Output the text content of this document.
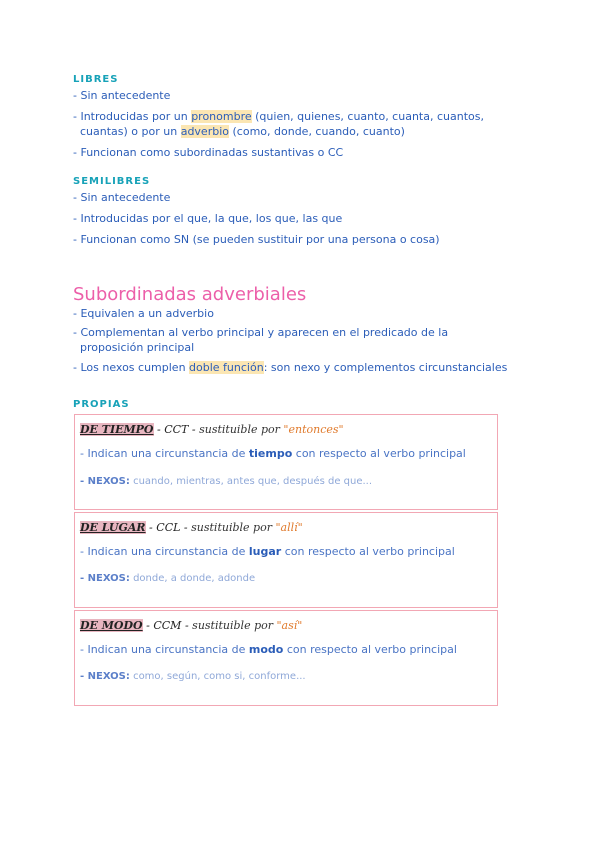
LIBRES
- Sin antecedente
- Introducidas por un pronombre (quien, quienes, cuanto, cuanta, cuantos,
cuantas) o por un adverbio (como, donde, cuando, cuanto)
- Funcionan como subordinadas sustantivas o CC
SEMILIBRES
- Sin antecedente
- Introducidas por el que, la que, los que, las que
- Funcionan como SN (se pueden sustituir por una persona o cosa)
Subordinadas adverbiales
- Equivalen a un adverbio
- Complementan al verbo principal y aparecen en el predicado de la
proposición principal
- Los nexos cumplen doble función: son nexo y complementos circunstanciales
PROPIAS
DE TIEMPO - CCT - sustituible por "entonces"
- Indican una circunstancia de tiempo con respecto al verbo principal
- NEXOS: cuando, mientras, antes que, después de que...
DE LUGAR - CCL - sustituible por "allí"
- Indican una circunstancia de lugar con respecto al verbo principal
- NEXOS: donde, a donde, adonde
DE MODO - CCM - sustituible por "así"
- Indican una circunstancia de modo con respecto al verbo principal
- NEXOS: como, según, como si, conforme...
